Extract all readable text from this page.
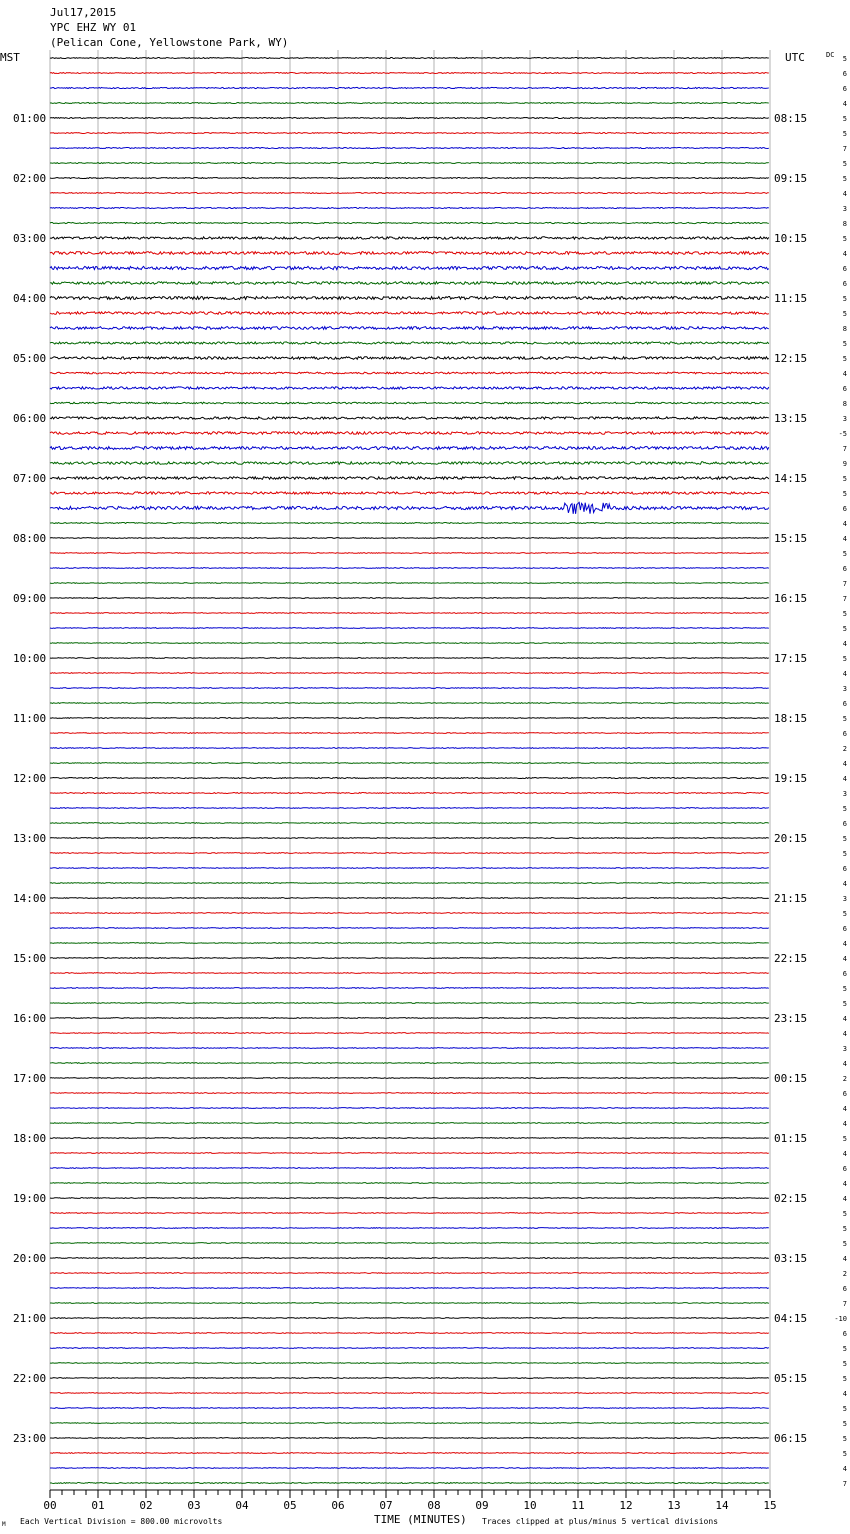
Jul17,2015
YPC EHZ WY 01
(Pelican Cone, Yellowstone Park, WY)
MST	UTC	DC
01:00
02:00
03:00
04:00
05:00
06:00
07:00
08:00
09:00
10:00
11:00
12:00
13:00
14:00
15:00
16:00
17:00
18:00
19:00
20:00
21:00
22:00
23:00
08:15
09:15
10:15
11:15
12:15
13:15
14:15
15:15
16:15
17:15
18:15
19:15
20:15
21:15
22:15
23:15
00:15
01:15
02:15
03:15
04:15
05:15
06:15
5
6
6
4
5
5
7
5
5
4
3
8
5
4
6
6
5
5
8
5
5
4
6
8
3
-5
7
9
5
5
6
4
4
5
6
7
7
5
5
4
5
4
3
6
5
6
2
4
4
3
5
6
5
5
6
4
3
5
6
4
4
6
5
5
4
4
3
4
2
6
4
4
5
4
6
4
4
5
5
5
4
2
6
7
-10
6
5
5
5
4
5
5
5
5
4
7
00	01	02	03	04	05	06	07	08	09	10	11	12	13	14	15
TIME (MINUTES)
M Each Vertical Division = 800.00 microvolts	Traces clipped at plus/minus 5 vertical divisions
